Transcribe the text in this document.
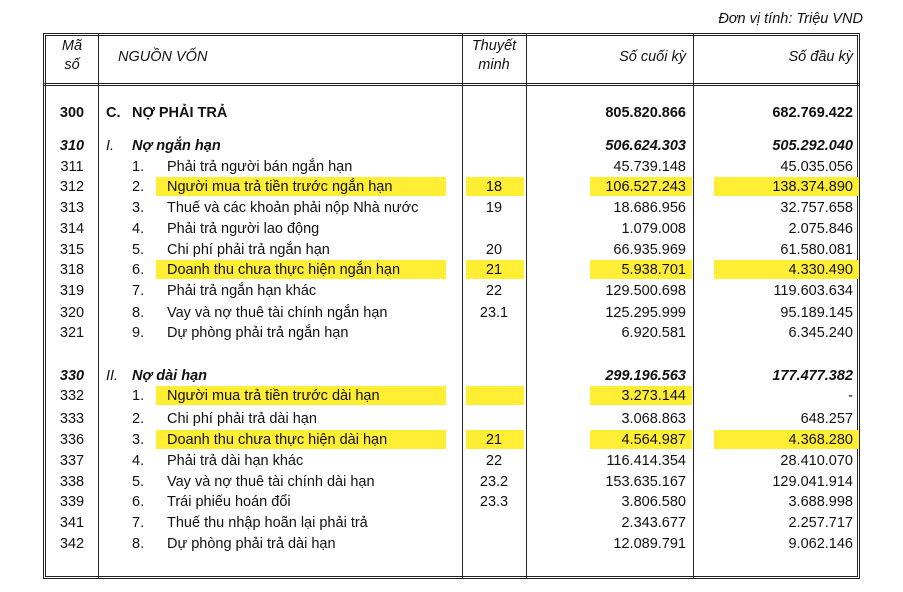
Đơn vị tính: Triệu VND
Mã
số	NGUỒN VỐN
Thuyết
minh	Số cuối kỳ	Số đầu kỳ
300	C. NỢ PHẢI TRẢ	805.820.866	682.769.422
310	I. Nợ ngắn hạn	506.624.303	505.292.040
311	1. Phải trả người bán ngắn hạn	45.739.148	45.035.056
312	2. Người mua trả tiền trước ngắn hạn	18	106.527.243	138.374.890
313	3. Thuế và các khoản phải nộp Nhà nước	19	18.686.956	32.757.658
314	4. Phải trả người lao động	1.079.008	2.075.846
315	5. Chi phí phải trả ngắn hạn	20	66.935.969	61.580.081
318	6. Doanh thu chưa thực hiện ngắn hạn	21	5.938.701	4.330.490
319	7. Phải trả ngắn hạn khác	22	129.500.698	119.603.634
320	8. Vay và nợ thuê tài chính ngắn hạn	23.1	125.295.999	95.189.145
321	9. Dự phòng phải trả ngắn hạn	6.920.581	6.345.240
330	II. Nợ dài hạn	299.196.563	177.477.382
332	1. Người mua trả tiền trước dài hạn	3.273.144	-
333	2. Chi phí phải trả dài hạn	3.068.863	648.257
336	3. Doanh thu chưa thực hiện dài hạn	21	4.564.987	4.368.280
337	4. Phải trả dài hạn khác	22	116.414.354	28.410.070
338	5. Vay và nợ thuê tài chính dài hạn	23.2	153.635.167	129.041.914
339	6. Trái phiếu hoán đổi	23.3	3.806.580	3.688.998
341	7. Thuế thu nhập hoãn lại phải trả	2.343.677	2.257.717
342	8. Dự phòng phải trả dài hạn	12.089.791	9.062.146
